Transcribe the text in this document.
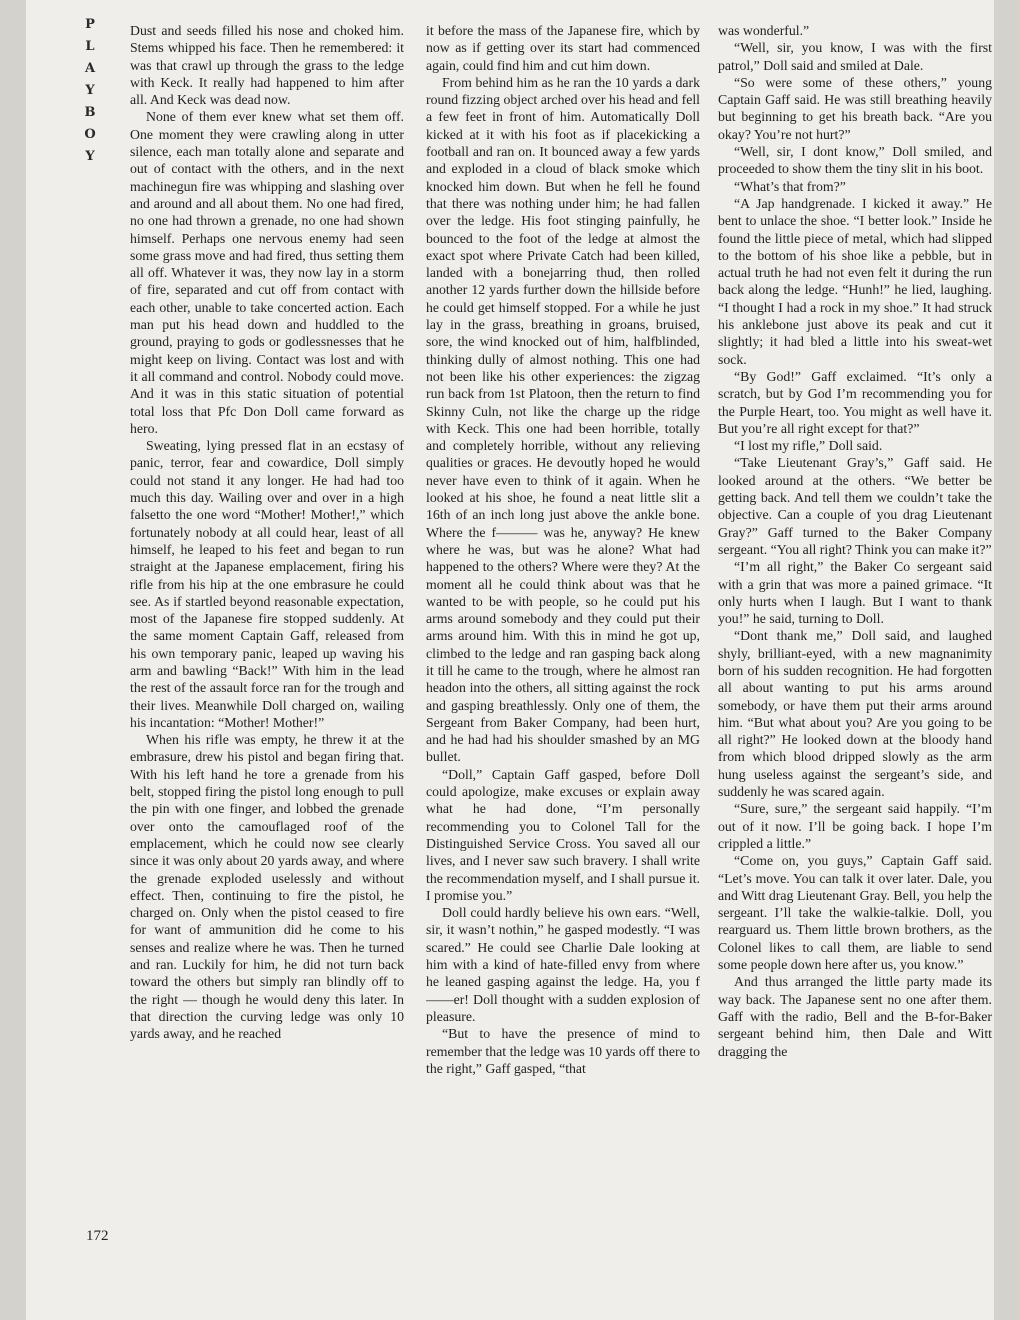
P
L
A
Y
B
O
Y

Dust and seeds filled his nose and choked him. Stems whipped his face. Then he remembered: it was that crawl up through the grass to the ledge with Keck. It really had happened to him after all. And Keck was dead now.

None of them ever knew what set them off. One moment they were crawling along in utter silence, each man totally alone and separate and out of contact with the others, and in the next machinegun fire was whipping and slashing over and around and all about them. No one had fired, no one had thrown a grenade, no one had shown himself. Perhaps one nervous enemy had seen some grass move and had fired, thus setting them all off. Whatever it was, they now lay in a storm of fire, separated and cut off from contact with each other, unable to take concerted action. Each man put his head down and huddled to the ground, praying to gods or godlessnesses that he might keep on living. Contact was lost and with it all command and control. Nobody could move. And it was in this static situation of potential total loss that Pfc Don Doll came forward as hero.

Sweating, lying pressed flat in an ecstasy of panic, terror, fear and cowardice, Doll simply could not stand it any longer. He had had too much this day. Wailing over and over in a high falsetto the one word “Mother! Mother!,” which fortunately nobody at all could hear, least of all himself, he leaped to his feet and began to run straight at the Japanese emplacement, firing his rifle from his hip at the one embrasure he could see. As if startled beyond reasonable expectation, most of the Japanese fire stopped suddenly. At the same moment Captain Gaff, released from his own temporary panic, leaped up waving his arm and bawling “Back!” With him in the lead the rest of the assault force ran for the trough and their lives. Meanwhile Doll charged on, wailing his incantation: “Mother! Mother!”

When his rifle was empty, he threw it at the embrasure, drew his pistol and began firing that. With his left hand he tore a grenade from his belt, stopped firing the pistol long enough to pull the pin with one finger, and lobbed the grenade over onto the camouflaged roof of the emplacement, which he could now see clearly since it was only about 20 yards away, and where the grenade exploded uselessly and without effect. Then, continuing to fire the pistol, he charged on. Only when the pistol ceased to fire for want of ammunition did he come to his senses and realize where he was. Then he turned and ran. Luckily for him, he did not turn back toward the others but simply ran blindly off to the right — though he would deny this later. In that direction the curving ledge was only 10 yards away, and he reached

it before the mass of the Japanese fire, which by now as if getting over its start had commenced again, could find him and cut him down.

From behind him as he ran the 10 yards a dark round fizzing object arched over his head and fell a few feet in front of him. Automatically Doll kicked at it with his foot as if placekicking a football and ran on. It bounced away a few yards and exploded in a cloud of black smoke which knocked him down. But when he fell he found that there was nothing under him; he had fallen over the ledge. His foot stinging painfully, he bounced to the foot of the ledge at almost the exact spot where Private Catch had been killed, landed with a bonejarring thud, then rolled another 12 yards further down the hillside before he could get himself stopped. For a while he just lay in the grass, breathing in groans, bruised, sore, the wind knocked out of him, halfblinded, thinking dully of almost nothing. This one had not been like his other experiences: the zigzag run back from 1st Platoon, then the return to find Skinny Culn, not like the charge up the ridge with Keck. This one had been horrible, totally and completely horrible, without any relieving qualities or graces. He devoutly hoped he would never have even to think of it again. When he looked at his shoe, he found a neat little slit a 16th of an inch long just above the ankle bone. Where the f——— was he, anyway? He knew where he was, but was he alone? What had happened to the others? Where were they? At the moment all he could think about was that he wanted to be with people, so he could put his arms around somebody and they could put their arms around him. With this in mind he got up, climbed to the ledge and ran gasping back along it till he came to the trough, where he almost ran headon into the others, all sitting against the rock and gasping breathlessly. Only one of them, the Sergeant from Baker Company, had been hurt, and he had had his shoulder smashed by an MG bullet.

“Doll,” Captain Gaff gasped, before Doll could apologize, make excuses or explain away what he had done, “I’m personally recommending you to Colonel Tall for the Distinguished Service Cross. You saved all our lives, and I never saw such bravery. I shall write the recommendation myself, and I shall pursue it. I promise you.”

Doll could hardly believe his own ears. “Well, sir, it wasn’t nothin,” he gasped modestly. “I was scared.” He could see Charlie Dale looking at him with a kind of hate-filled envy from where he leaned gasping against the ledge. Ha, you f——er! Doll thought with a sudden explosion of pleasure.

“But to have the presence of mind to remember that the ledge was 10 yards off there to the right,” Gaff gasped, “that

was wonderful.”

“Well, sir, you know, I was with the first patrol,” Doll said and smiled at Dale.

“So were some of these others,” young Captain Gaff said. He was still breathing heavily but beginning to get his breath back. “Are you okay? You’re not hurt?”

“Well, sir, I dont know,” Doll smiled, and proceeded to show them the tiny slit in his boot.

“What’s that from?”

“A Jap handgrenade. I kicked it away.” He bent to unlace the shoe. “I better look.” Inside he found the little piece of metal, which had slipped to the bottom of his shoe like a pebble, but in actual truth he had not even felt it during the run back along the ledge. “Hunh!” he lied, laughing. “I thought I had a rock in my shoe.” It had struck his anklebone just above its peak and cut it slightly; it had bled a little into his sweat-wet sock.

“By God!” Gaff exclaimed. “It’s only a scratch, but by God I’m recommending you for the Purple Heart, too. You might as well have it. But you’re all right except for that?”

“I lost my rifle,” Doll said.

“Take Lieutenant Gray’s,” Gaff said. He looked around at the others. “We better be getting back. And tell them we couldn’t take the objective. Can a couple of you drag Lieutenant Gray?” Gaff turned to the Baker Company sergeant. “You all right? Think you can make it?”

“I’m all right,” the Baker Co sergeant said with a grin that was more a pained grimace. “It only hurts when I laugh. But I want to thank you!” he said, turning to Doll.

“Dont thank me,” Doll said, and laughed shyly, brilliant-eyed, with a new magnanimity born of his sudden recognition. He had forgotten all about wanting to put his arms around somebody, or have them put their arms around him. “But what about you? Are you going to be all right?” He looked down at the bloody hand from which blood dripped slowly as the arm hung useless against the sergeant’s side, and suddenly he was scared again.

“Sure, sure,” the sergeant said happily. “I’m out of it now. I’ll be going back. I hope I’m crippled a little.”

“Come on, you guys,” Captain Gaff said. “Let’s move. You can talk it over later. Dale, you and Witt drag Lieutenant Gray. Bell, you help the sergeant. I’ll take the walkie-talkie. Doll, you rearguard us. Them little brown brothers, as the Colonel likes to call them, are liable to send some people down here after us, you know.”

And thus arranged the little party made its way back. The Japanese sent no one after them. Gaff with the radio, Bell and the B-for-Baker sergeant behind him, then Dale and Witt dragging the

172
